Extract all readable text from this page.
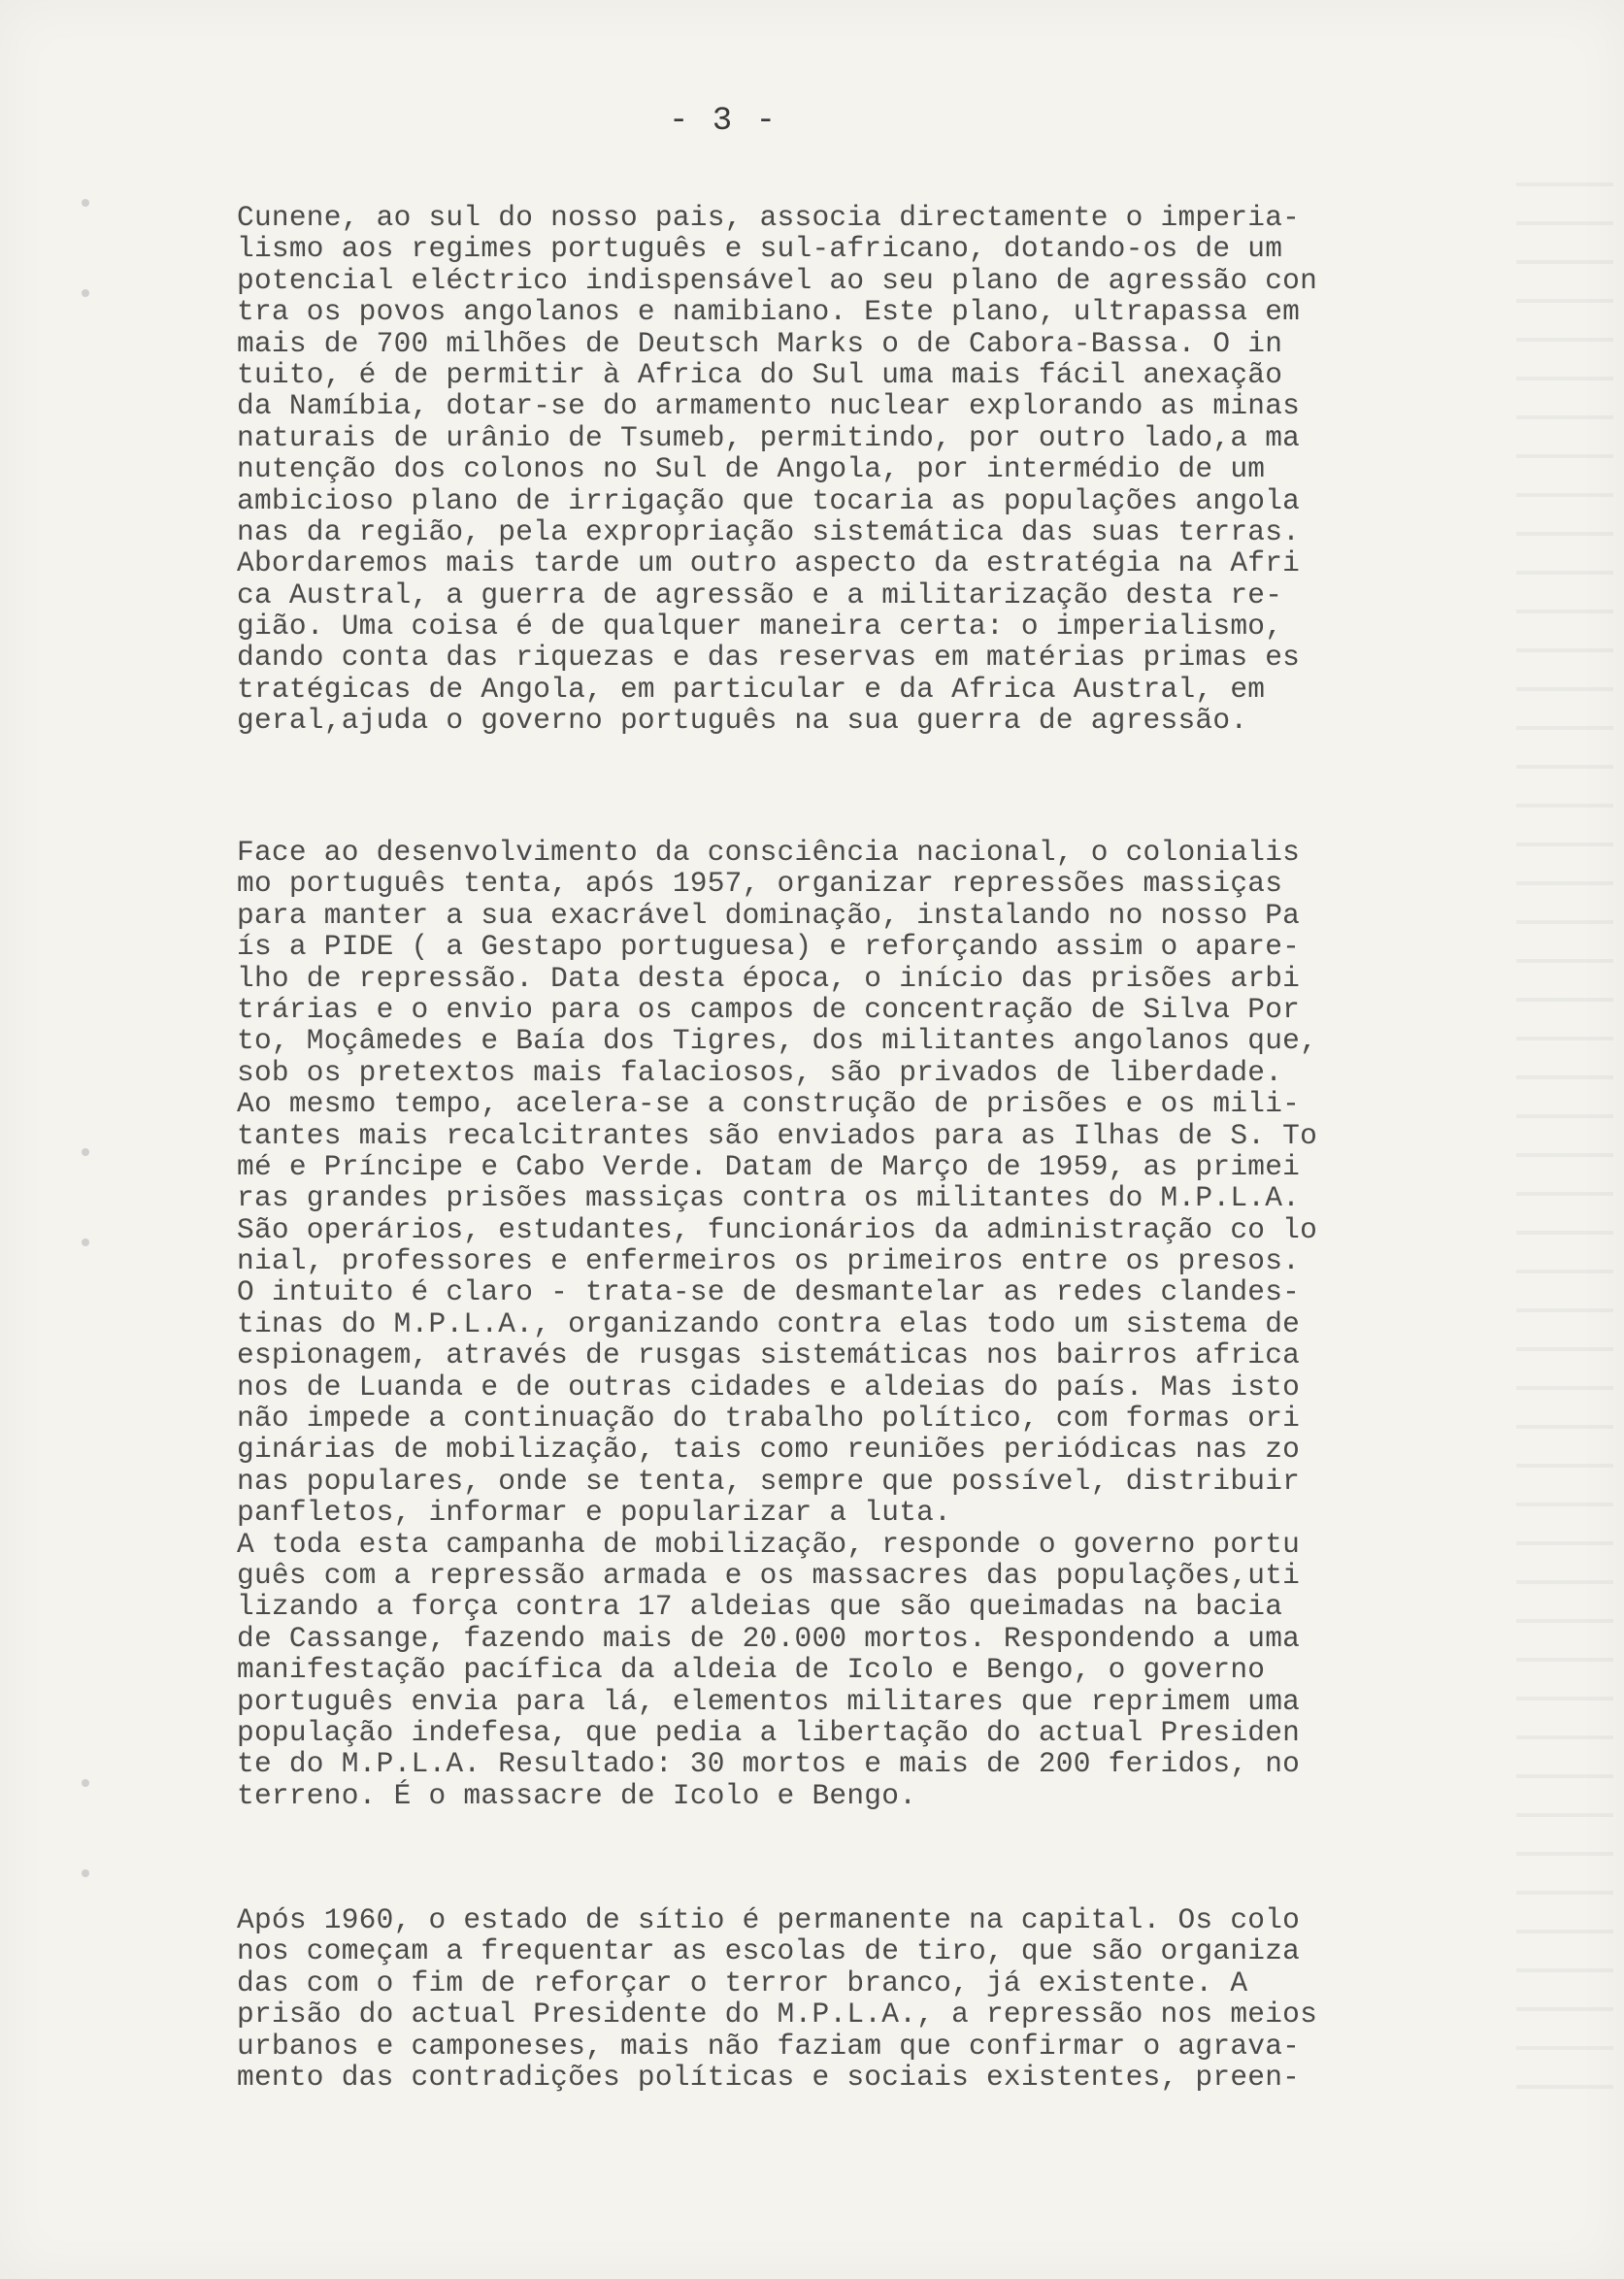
- 3 -
Cunene, ao sul do nosso pais, associa directamente o imperia-
lismo aos regimes português e sul-africano, dotando-os de um
potencial eléctrico indispensável ao seu plano de agressão con
tra os povos angolanos e namibiano. Este plano, ultrapassa em
mais de 700 milhões de Deutsch Marks o de Cabora-Bassa. O in
tuito, é de permitir à Africa do Sul uma mais fácil anexação
da Namíbia, dotar-se do armamento nuclear explorando as minas
naturais de urânio de Tsumeb, permitindo, por outro lado,a ma
nutenção dos colonos no Sul de Angola, por intermédio de um
ambicioso plano de irrigação que tocaria as populações angola
nas da região, pela expropriação sistemática das suas terras.
Abordaremos mais tarde um outro aspecto da estratégia na Afri
ca Austral, a guerra de agressão e a militarização desta re-
gião. Uma coisa é de qualquer maneira certa: o imperialismo,
dando conta das riquezas e das reservas em matérias primas es
tratégicas de Angola, em particular e da Africa Austral, em
geral,ajuda o governo português na sua guerra de agressão.
Face ao desenvolvimento da consciência nacional, o colonialis
mo português tenta, após 1957, organizar repressões massiças
para manter a sua exacrável dominação, instalando no nosso Pa
ís a PIDE ( a Gestapo portuguesa) e reforçando assim o apare-
lho de repressão. Data desta época, o início das prisões arbi
trárias e o envio para os campos de concentração de Silva Por
to, Moçâmedes e Baía dos Tigres, dos militantes angolanos que,
sob os pretextos mais falaciosos, são privados de liberdade.
Ao mesmo tempo, acelera-se a construção de prisões e os mili-
tantes mais recalcitrantes são enviados para as Ilhas de S. To
mé e Príncipe e Cabo Verde. Datam de Março de 1959, as primei
ras grandes prisões massiças contra os militantes do M.P.L.A.
São operários, estudantes, funcionários da administração co lo
nial, professores e enfermeiros os primeiros entre os presos.
O intuito é claro - trata-se de desmantelar as redes clandes-
tinas do M.P.L.A., organizando contra elas todo um sistema de
espionagem, através de rusgas sistemáticas nos bairros africa
nos de Luanda e de outras cidades e aldeias do país. Mas isto
não impede a continuação do trabalho político, com formas ori
ginárias de mobilização, tais como reuniões periódicas nas zo
nas populares, onde se tenta, sempre que possível, distribuir
panfletos, informar e popularizar a luta.
A toda esta campanha de mobilização, responde o governo portu
guês com a repressão armada e os massacres das populações,uti
lizando a força contra 17 aldeias que são queimadas na bacia
de Cassange, fazendo mais de 20.000 mortos. Respondendo a uma
manifestação pacífica da aldeia de Icolo e Bengo, o governo
português envia para lá, elementos militares que reprimem uma
população indefesa, que pedia a libertação do actual Presiden
te do M.P.L.A. Resultado: 30 mortos e mais de 200 feridos, no
terreno. É o massacre de Icolo e Bengo.
Após 1960, o estado de sítio é permanente na capital. Os colo
nos começam a frequentar as escolas de tiro, que são organiza
das com o fim de reforçar o terror branco, já existente. A
prisão do actual Presidente do M.P.L.A., a repressão nos meios
urbanos e camponeses, mais não faziam que confirmar o agrava-
mento das contradições políticas e sociais existentes, preen-
